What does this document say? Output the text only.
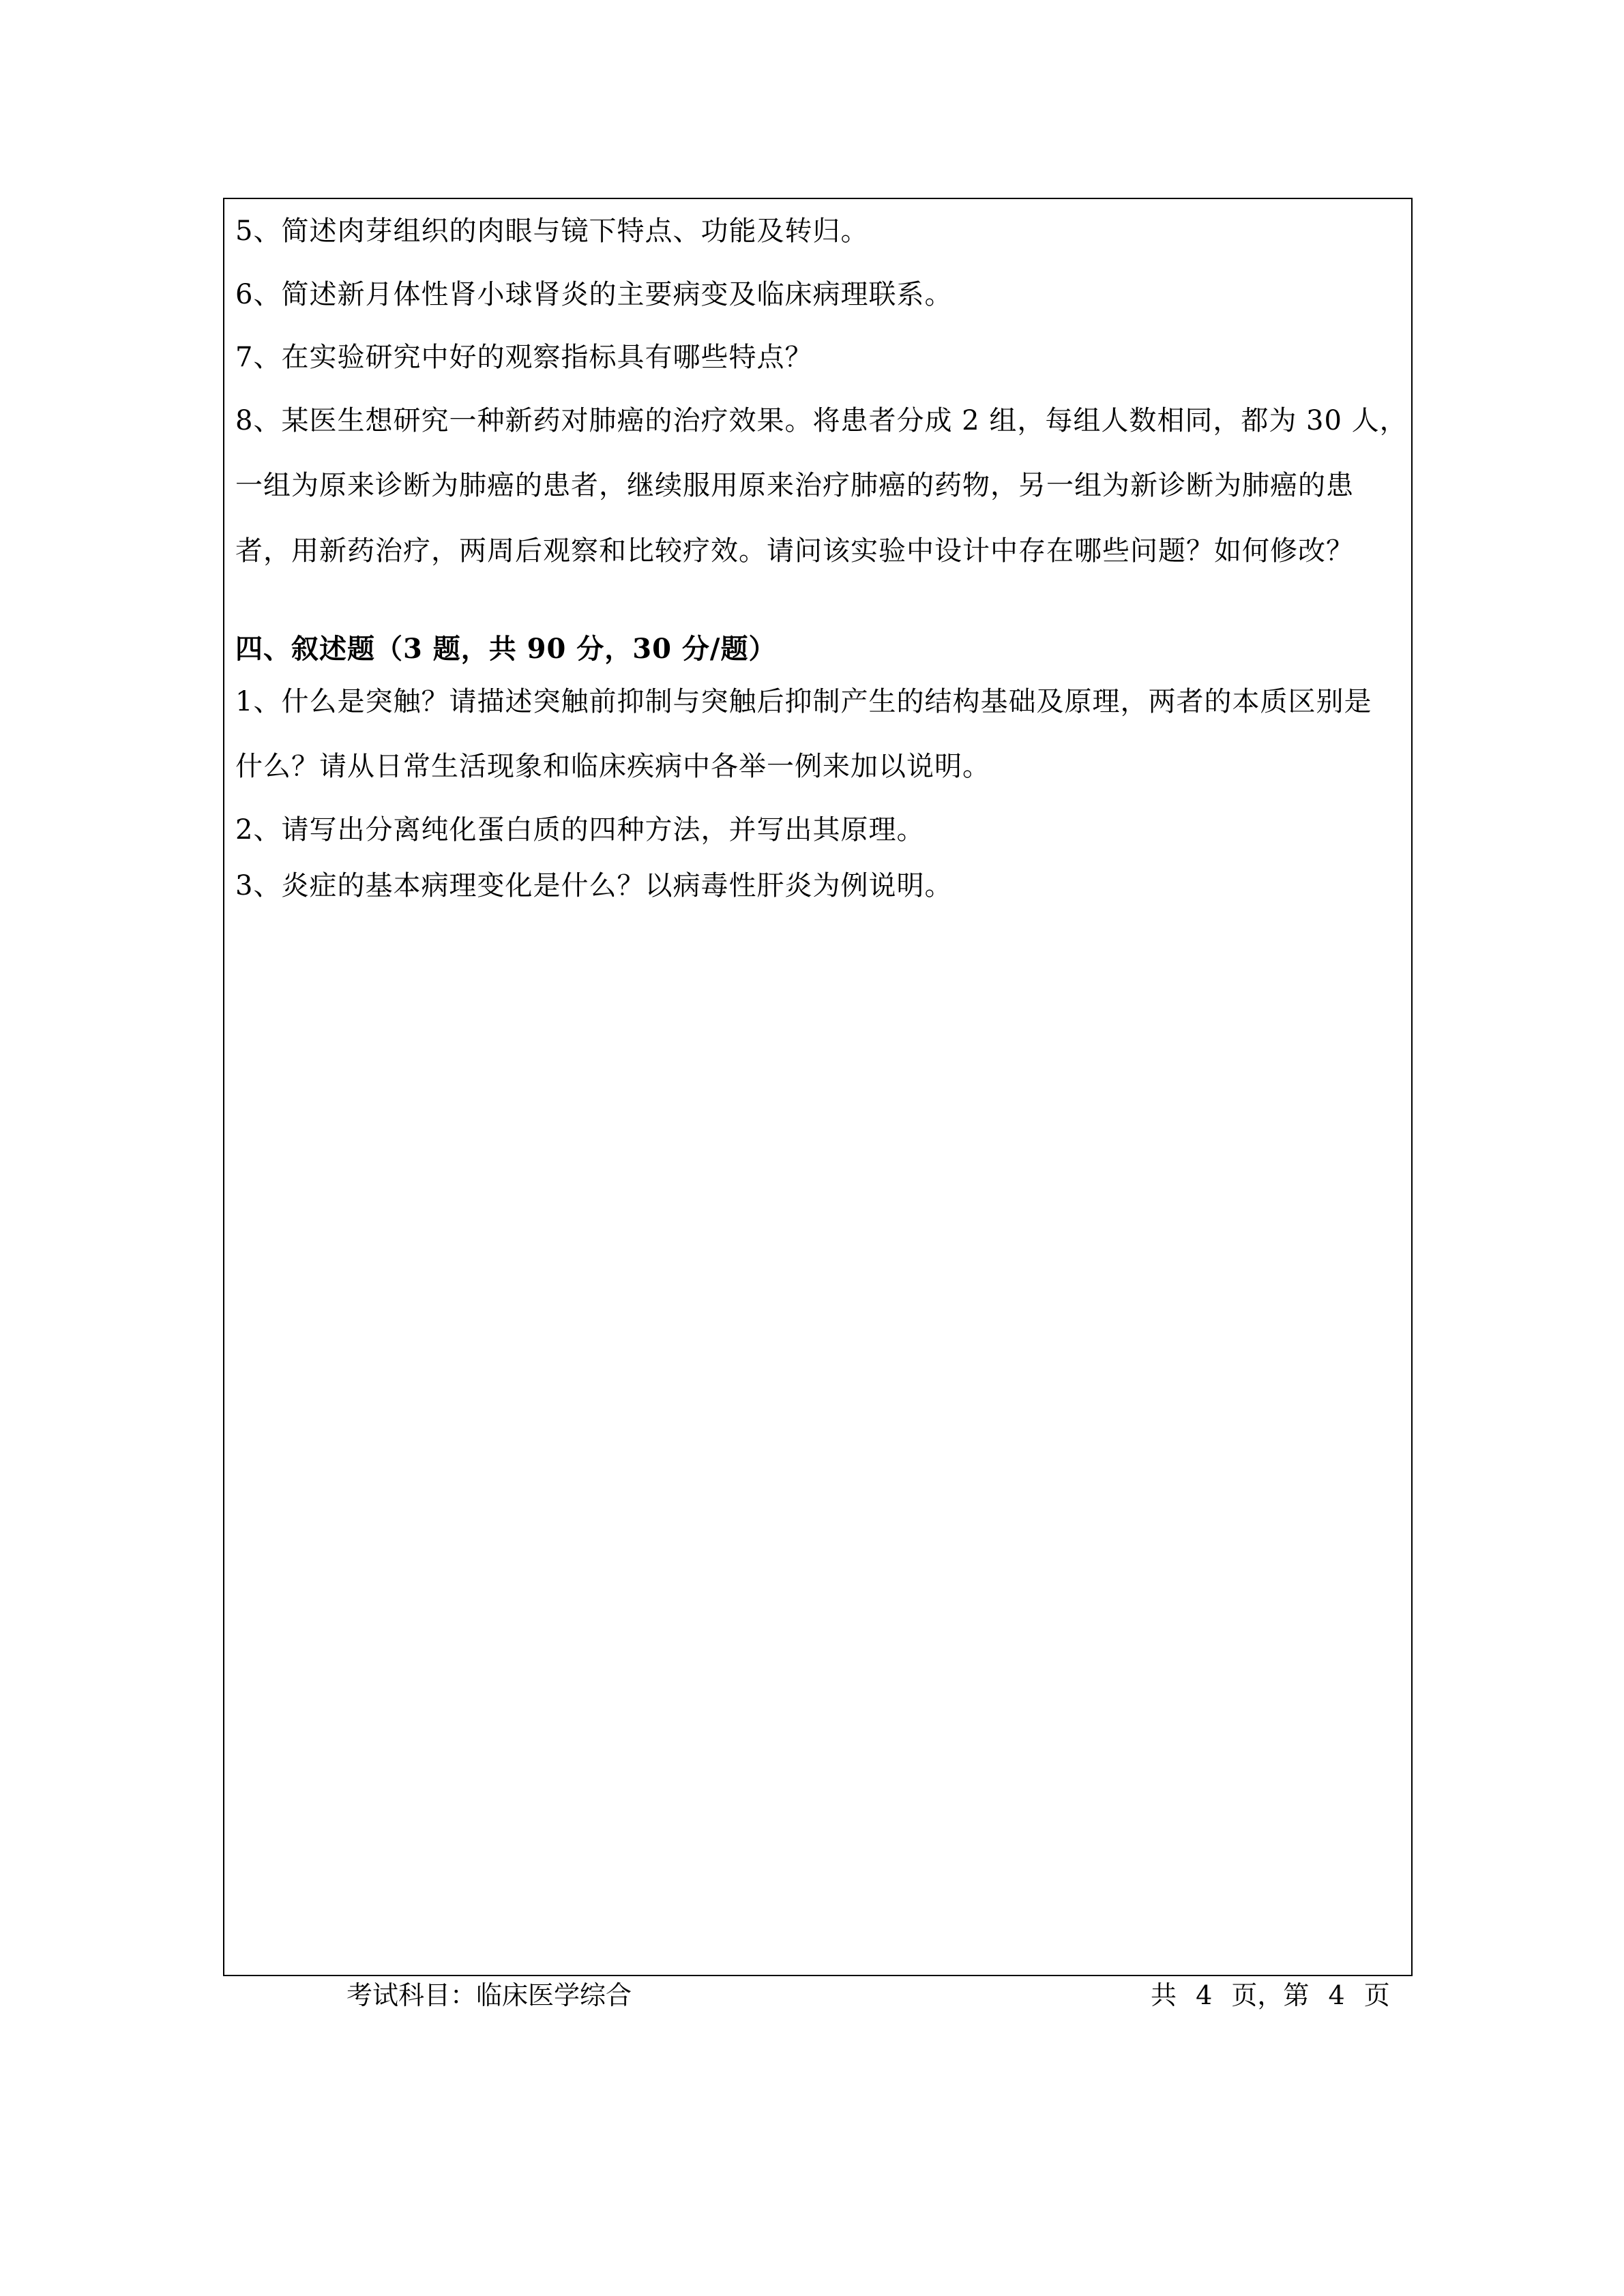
5、简述肉芽组织的肉眼与镜下特点、功能及转归。
6、简述新月体性肾小球肾炎的主要病变及临床病理联系。
7、在实验研究中好的观察指标具有哪些特点？
8、某医生想研究一种新药对肺癌的治疗效果。将患者分成 2 组，每组人数相同，都为 30 人，
一组为原来诊断为肺癌的患者，继续服用原来治疗肺癌的药物，另一组为新诊断为肺癌的患
者，用新药治疗，两周后观察和比较疗效。请问该实验中设计中存在哪些问题？如何修改？
四、叙述题（3 题，共 90 分，30 分/题）
1、什么是突触？请描述突触前抑制与突触后抑制产生的结构基础及原理，两者的本质区别是
什么？请从日常生活现象和临床疾病中各举一例来加以说明。
2、请写出分离纯化蛋白质的四种方法，并写出其原理。
3、炎症的基本病理变化是什么？以病毒性肝炎为例说明。
考试科目：临床医学综合	共 4 页，第 4 页
